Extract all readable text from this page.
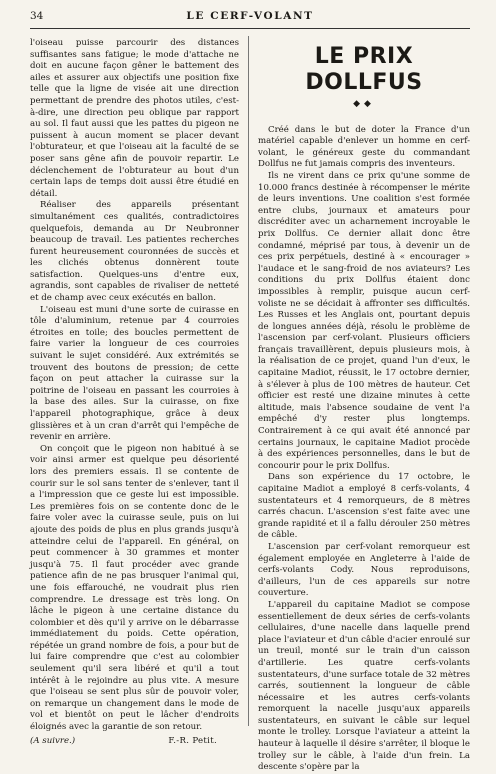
34	LE CERF-VOLANT

l'oiseau puisse parcourir des distances suffisantes sans fatigue; le mode d'attache ne doit en aucune façon gêner le battement des ailes et assurer aux objectifs une position fixe telle que la ligne de visée ait une direction permettant de prendre des photos utiles, c'est-à-dire, une direction peu oblique par rapport au sol. Il faut aussi que les pattes du pigeon ne puissent à aucun moment se placer devant l'obturateur, et que l'oiseau ait la faculté de se poser sans gêne afin de pouvoir repartir. Le déclenchement de l'obturateur au bout d'un certain laps de temps doit aussi être étudié en détail.

Réaliser des appareils présentant simultanément ces qualités, contradictoires quelquefois, demanda au Dr Neubronner beaucoup de travail. Les patientes recherches furent heureusement couronnées de succès et les clichés obtenus donnèrent toute satisfaction. Quelques-uns d'entre eux, agrandis, sont capables de rivaliser de netteté et de champ avec ceux exécutés en ballon.

L'oiseau est muni d'une sorte de cuirasse en tôle d'aluminium, retenue par 4 courroies étroites en toile; des boucles permettent de faire varier la longueur de ces courroies suivant le sujet considéré. Aux extrémités se trouvent des boutons de pression; de cette façon on peut attacher la cuirasse sur la poitrine de l'oiseau en passant les courroies à la base des ailes. Sur la cuirasse, on fixe l'appareil photographique, grâce à deux glissières et à un cran d'arrêt qui l'empêche de revenir en arrière.

On conçoit que le pigeon non habitué à se voir ainsi armer est quelque peu désorienté lors des premiers essais. Il se contente de courir sur le sol sans tenter de s'enlever, tant il a l'impression que ce geste lui est impossible. Les premières fois on se contente donc de le faire voler avec la cuirasse seule, puis on lui ajoute des poids de plus en plus grands jusqu'à atteindre celui de l'appareil. En général, on peut commencer à 30 grammes et monter jusqu'à 75. Il faut procéder avec grande patience afin de ne pas brusquer l'animal qui, une fois effarouché, ne voudrait plus rien comprendre. Le dressage est très long. On lâche le pigeon à une certaine distance du colombier et dès qu'il y arrive on le débarrasse immédiatement du poids. Cette opération, répétée un grand nombre de fois, a pour but de lui faire comprendre que c'est au colombier seulement qu'il sera libéré et qu'il a tout intérêt à le rejoindre au plus vite. A mesure que l'oiseau se sent plus sûr de pouvoir voler, on remarque un changement dans le mode de vol et bientôt on peut le lâcher d'endroits éloignés avec la garantie de son retour.

(A suivre.)	F.-R. Petit.
LE PRIX DOLLFUS
◆◆

Créé dans le but de doter la France d'un matériel capable d'enlever un homme en cerf-volant, le généreux geste du commandant Dollfus ne fut jamais compris des inventeurs.

Ils ne virent dans ce prix qu'une somme de 10.000 francs destinée à récompenser le mérite de leurs inventions. Une coalition s'est formée entre clubs, journaux et amateurs pour discréditer avec un acharnement incroyable le prix Dollfus. Ce dernier allait donc être condamné, méprisé par tous, à devenir un de ces prix perpétuels, destiné à « encourager » l'audace et le sang-froid de nos aviateurs? Les conditions du prix Dollfus étaient donc impossibles à remplir, puisque aucun cerf-voliste ne se décidait à affronter ses difficultés. Les Russes et les Anglais ont, pourtant depuis de longues années déjà, résolu le problème de l'ascension par cerf-volant. Plusieurs officiers français travaillèrent, depuis plusieurs mois, à la réalisation de ce projet, quand l'un d'eux, le capitaine Madiot, réussit, le 17 octobre dernier, à s'élever à plus de 100 mètres de hauteur. Cet officier est resté une dizaine minutes à cette altitude, mais l'absence soudaine de vent l'a empêché d'y rester plus longtemps. Contrairement à ce qui avait été annoncé par certains journaux, le capitaine Madiot procède à des expériences personnelles, dans le but de concourir pour le prix Dollfus.

Dans son expérience du 17 octobre, le capitaine Madiot a employé 8 cerfs-volants, 4 sustentateurs et 4 remorqueurs, de 8 mètres carrés chacun. L'ascension s'est faite avec une grande rapidité et il a fallu dérouler 250 mètres de câble.

L'ascension par cerf-volant remorqueur est également employée en Angleterre à l'aide de cerfs-volants Cody. Nous reproduisons, d'ailleurs, l'un de ces appareils sur notre couverture.

L'appareil du capitaine Madiot se compose essentiellement de deux séries de cerfs-volants cellulaires, d'une nacelle dans laquelle prend place l'aviateur et d'un câble d'acier enroulé sur un treuil, monté sur le train d'un caisson d'artillerie. Les quatre cerfs-volants sustentateurs, d'une surface totale de 32 mètres carrés, soutiennent la longueur de câble nécessaire et les autres cerfs-volants remorquent la nacelle jusqu'aux appareils sustentateurs, en suivant le câble sur lequel monte le trolley. Lorsque l'aviateur a atteint la hauteur à laquelle il désire s'arrêter, il bloque le trolley sur le câble, à l'aide d'un frein. La descente s'opère par la
